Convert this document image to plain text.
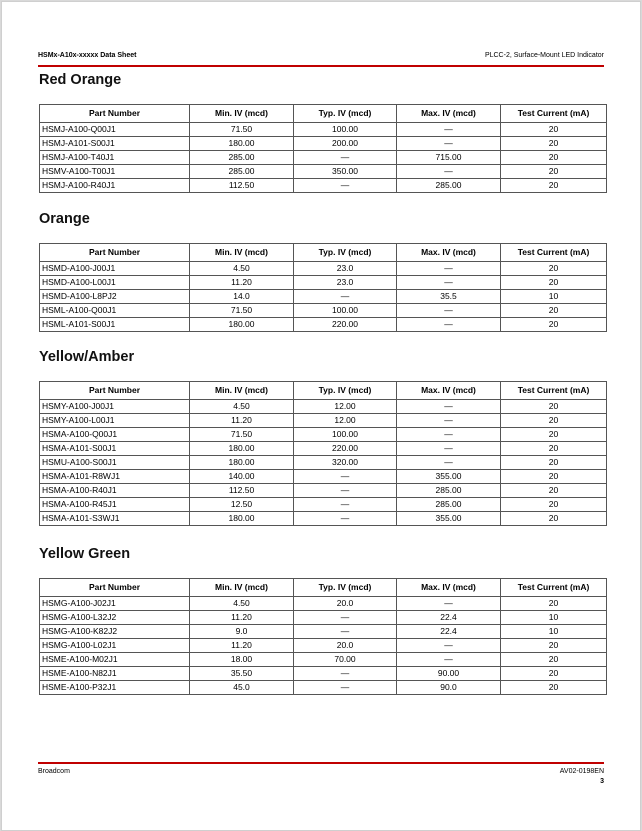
HSMx-A10x-xxxxx Data Sheet	PLCC-2, Surface-Mount LED Indicator
Red Orange
Part Number	Min. IV (mcd)	Typ. IV (mcd)	Max. IV (mcd)	Test Current (mA)
HSMJ-A100-Q00J1	71.50	100.00	—	20
HSMJ-A101-S00J1	180.00	200.00	—	20
HSMJ-A100-T40J1	285.00	—	715.00	20
HSMV-A100-T00J1	285.00	350.00	—	20
HSMJ-A100-R40J1	112.50	—	285.00	20
Orange
Part Number	Min. IV (mcd)	Typ. IV (mcd)	Max. IV (mcd)	Test Current (mA)
HSMD-A100-J00J1	4.50	23.0	—	20
HSMD-A100-L00J1	11.20	23.0	—	20
HSMD-A100-L8PJ2	14.0	—	35.5	10
HSML-A100-Q00J1	71.50	100.00	—	20
HSML-A101-S00J1	180.00	220.00	—	20
Yellow/Amber
Part Number	Min. IV (mcd)	Typ. IV (mcd)	Max. IV (mcd)	Test Current (mA)
HSMY-A100-J00J1	4.50	12.00	—	20
HSMY-A100-L00J1	11.20	12.00	—	20
HSMA-A100-Q00J1	71.50	100.00	—	20
HSMA-A101-S00J1	180.00	220.00	—	20
HSMU-A100-S00J1	180.00	320.00	—	20
HSMA-A101-R8WJ1	140.00	—	355.00	20
HSMA-A100-R40J1	112.50	—	285.00	20
HSMA-A100-R45J1	12.50	—	285.00	20
HSMA-A101-S3WJ1	180.00	—	355.00	20
Yellow Green
Part Number	Min. IV (mcd)	Typ. IV (mcd)	Max. IV (mcd)	Test Current (mA)
HSMG-A100-J02J1	4.50	20.0	—	20
HSMG-A100-L32J2	11.20	—	22.4	10
HSMG-A100-K82J2	9.0	—	22.4	10
HSMG-A100-L02J1	11.20	20.0	—	20
HSME-A100-M02J1	18.00	70.00	—	20
HSME-A100-N82J1	35.50	—	90.00	20
HSME-A100-P32J1	45.0	—	90.0	20
Broadcom	AV02-0198EN
3
